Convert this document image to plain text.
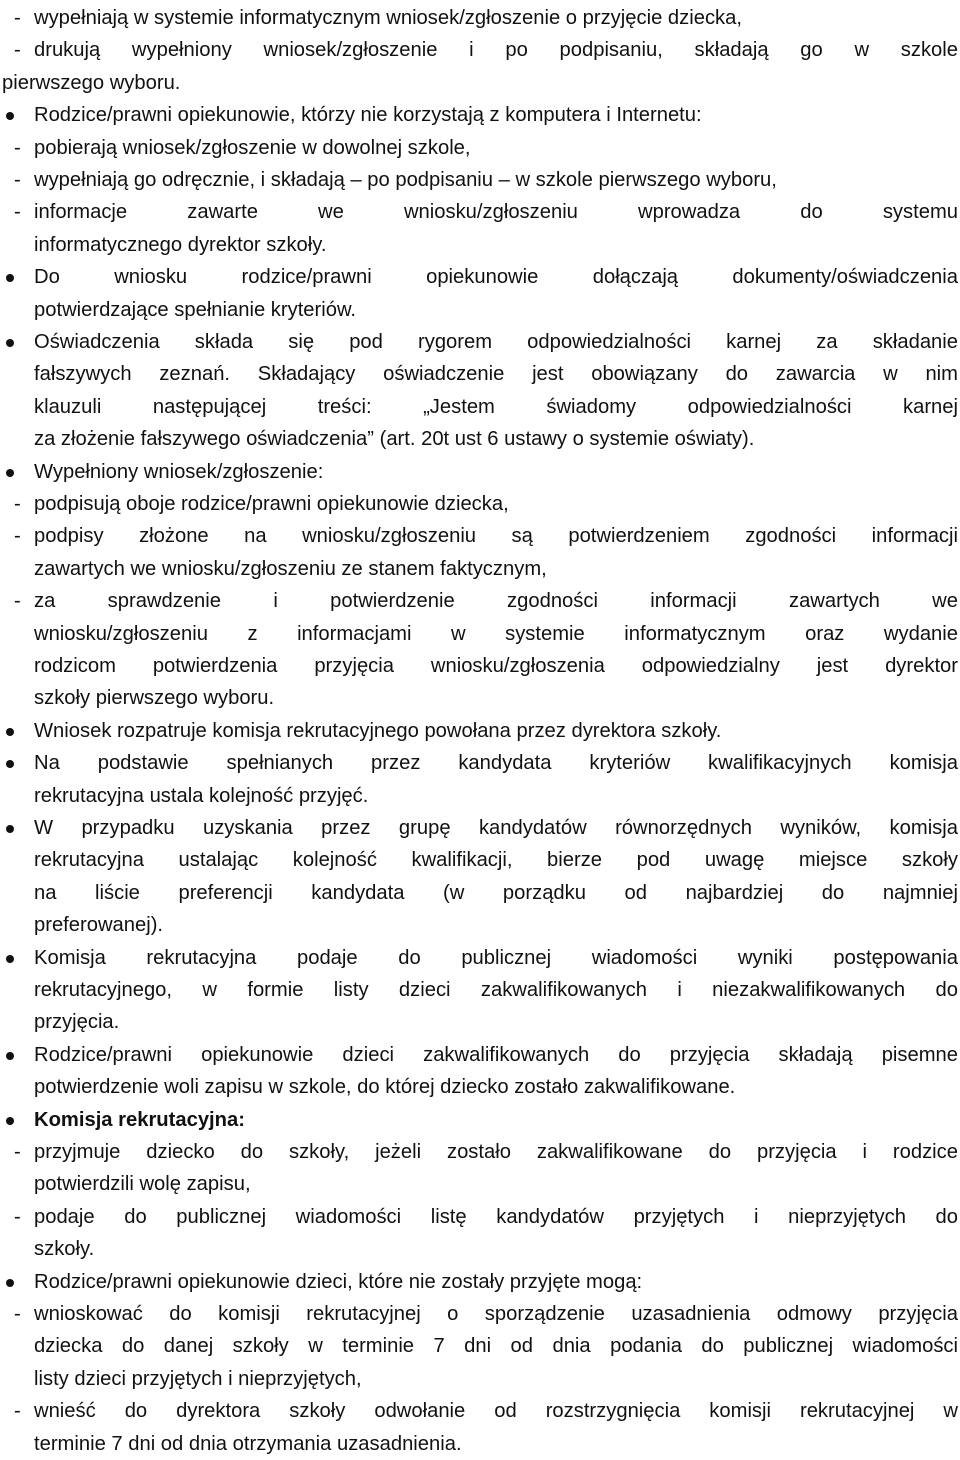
- wypełniają w systemie informatycznym wniosek/zgłoszenie o przyjęcie dziecka,
- drukują wypełniony wniosek/zgłoszenie i po podpisaniu, składają go w szkole
pierwszego wyboru.
Rodzice/prawni opiekunowie, którzy nie korzystają z komputera i Internetu:
- pobierają wniosek/zgłoszenie w dowolnej szkole,
- wypełniają go odręcznie, i składają – po podpisaniu – w szkole pierwszego wyboru,
- informacje zawarte we wniosku/zgłoszeniu wprowadza do systemu
informatycznego dyrektor szkoły.
Do wniosku rodzice/prawni opiekunowie dołączają dokumenty/oświadczenia
potwierdzające spełnianie kryteriów.
Oświadczenia składa się pod rygorem odpowiedzialności karnej za składanie
fałszywych zeznań. Składający oświadczenie jest obowiązany do zawarcia w nim
klauzuli następującej treści: „Jestem świadomy odpowiedzialności karnej
za złożenie fałszywego oświadczenia” (art. 20t ust 6 ustawy o systemie oświaty).
Wypełniony wniosek/zgłoszenie:
- podpisują oboje rodzice/prawni opiekunowie dziecka,
- podpisy złożone na wniosku/zgłoszeniu są potwierdzeniem zgodności informacji
zawartych we wniosku/zgłoszeniu ze stanem faktycznym,
- za sprawdzenie i potwierdzenie zgodności informacji zawartych we
wniosku/zgłoszeniu z informacjami w systemie informatycznym oraz wydanie
rodzicom potwierdzenia przyjęcia wniosku/zgłoszenia odpowiedzialny jest dyrektor
szkoły pierwszego wyboru.
Wniosek rozpatruje komisja rekrutacyjnego powołana przez dyrektora szkoły.
Na podstawie spełnianych przez kandydata kryteriów kwalifikacyjnych komisja
rekrutacyjna ustala kolejność przyjęć.
W przypadku uzyskania przez grupę kandydatów równorzędnych wyników, komisja
rekrutacyjna ustalając kolejność kwalifikacji, bierze pod uwagę miejsce szkoły
na liście preferencji kandydata (w porządku od najbardziej do najmniej
preferowanej).
Komisja rekrutacyjna podaje do publicznej wiadomości wyniki postępowania
rekrutacyjnego, w formie listy dzieci zakwalifikowanych i niezakwalifikowanych do
przyjęcia.
Rodzice/prawni opiekunowie dzieci zakwalifikowanych do przyjęcia składają pisemne
potwierdzenie woli zapisu w szkole, do której dziecko zostało zakwalifikowane.
Komisja rekrutacyjna:
- przyjmuje dziecko do szkoły, jeżeli zostało zakwalifikowane do przyjęcia i rodzice
potwierdzili wolę zapisu,
- podaje do publicznej wiadomości listę kandydatów przyjętych i nieprzyjętych do
szkoły.
Rodzice/prawni opiekunowie dzieci, które nie zostały przyjęte mogą:
- wnioskować do komisji rekrutacyjnej o sporządzenie uzasadnienia odmowy przyjęcia
dziecka do danej szkoły w terminie 7 dni od dnia podania do publicznej wiadomości
listy dzieci przyjętych i nieprzyjętych,
- wnieść do dyrektora szkoły odwołanie od rozstrzygnięcia komisji rekrutacyjnej w
terminie 7 dni od dnia otrzymania uzasadnienia.
